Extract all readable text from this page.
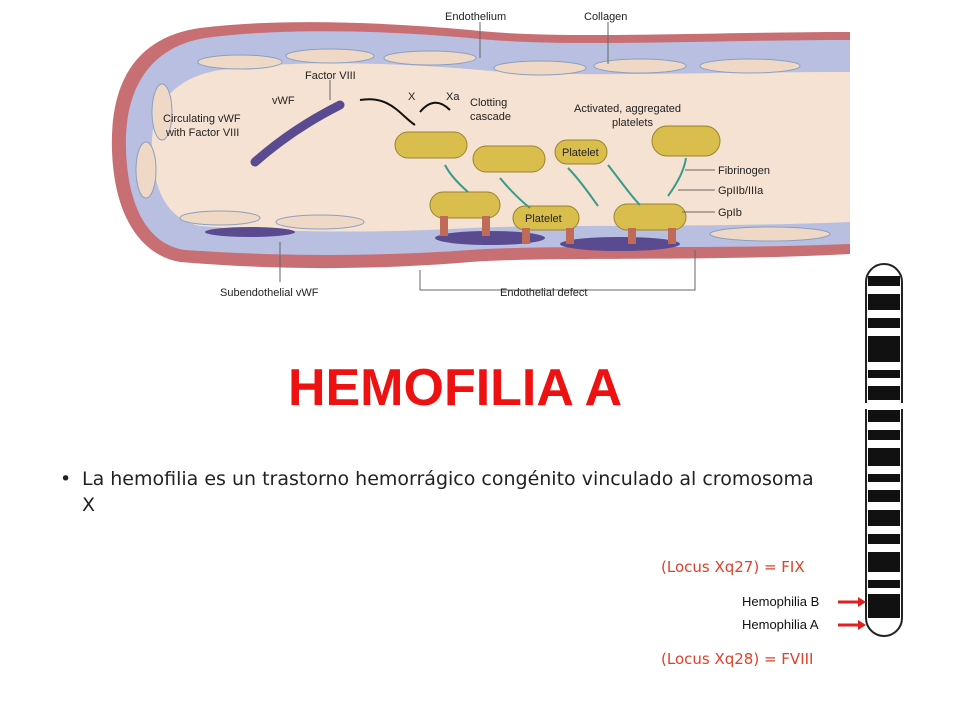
Endothelium	Collagen
Factor VIII
vWF	X	Xa Clotting
cascade
Activated, aggregated
platelets
Circulating vWF
with Factor VIII
Platelet
Platelet
Fibrinogen
GpIIb/IIIa
GpIb
Subendothelial vWF	Endothelial defect
HEMOFILIA A
• La hemofilia es un trastorno hemorrágico congénito vinculado al cromosoma X
(Locus Xq27) = FIX
(Locus Xq28) = FVIII
Hemophilia B
Hemophilia A
